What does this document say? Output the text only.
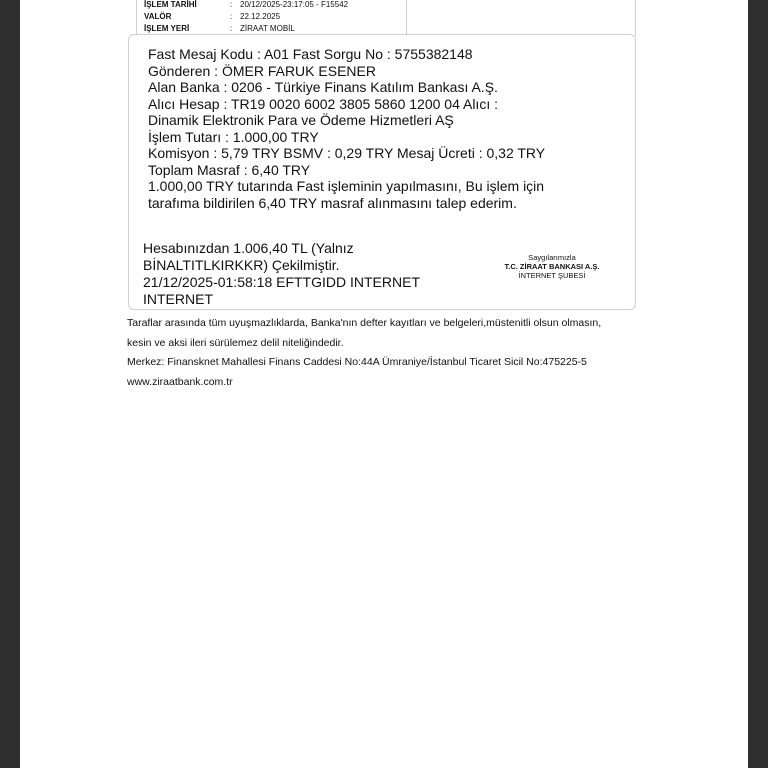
İŞLEM TARİHİ	: 20/12/2025-23:17:05 - F15542
VALÖR	: 22.12.2025
İŞLEM YERİ	: ZİRAAT MOBİL
Fast Mesaj Kodu : A01 Fast Sorgu No : 5755382148
Gönderen : ÖMER FARUK ESENER
Alan Banka : 0206 - Türkiye Finans Katılım Bankası A.Ş.
Alıcı Hesap : TR19 0020 6002 3805 5860 1200 04 Alıcı :
Dinamik Elektronik Para ve Ödeme Hizmetleri AŞ
İşlem Tutarı : 1.000,00 TRY
Komisyon : 5,79 TRY BSMV : 0,29 TRY Mesaj Ücreti : 0,32 TRY
Toplam Masraf : 6,40 TRY
1.000,00 TRY tutarında Fast işleminin yapılmasını, Bu işlem için
tarafıma bildirilen 6,40 TRY masraf alınmasını talep ederim.
Hesabınızdan 1.006,40 TL (Yalnız
BİNALTITLKIRKKR) Çekilmiştir.
21/12/2025-01:58:18 EFTTGIDD INTERNET
INTERNET
Saygılarımızla
T.C. ZİRAAT BANKASI A.Ş.
İNTERNET ŞUBESİ
Taraflar arasında tüm uyuşmazlıklarda, Banka'nın defter kayıtları ve belgeleri,müstenitli olsun olmasın,
kesin ve aksi ileri sürülemez delil niteliğindedir.
Merkez: Finansknet Mahallesi Finans Caddesi No:44A Ümraniye/İstanbul Ticaret Sicil No:475225-5
www.ziraatbank.com.tr
